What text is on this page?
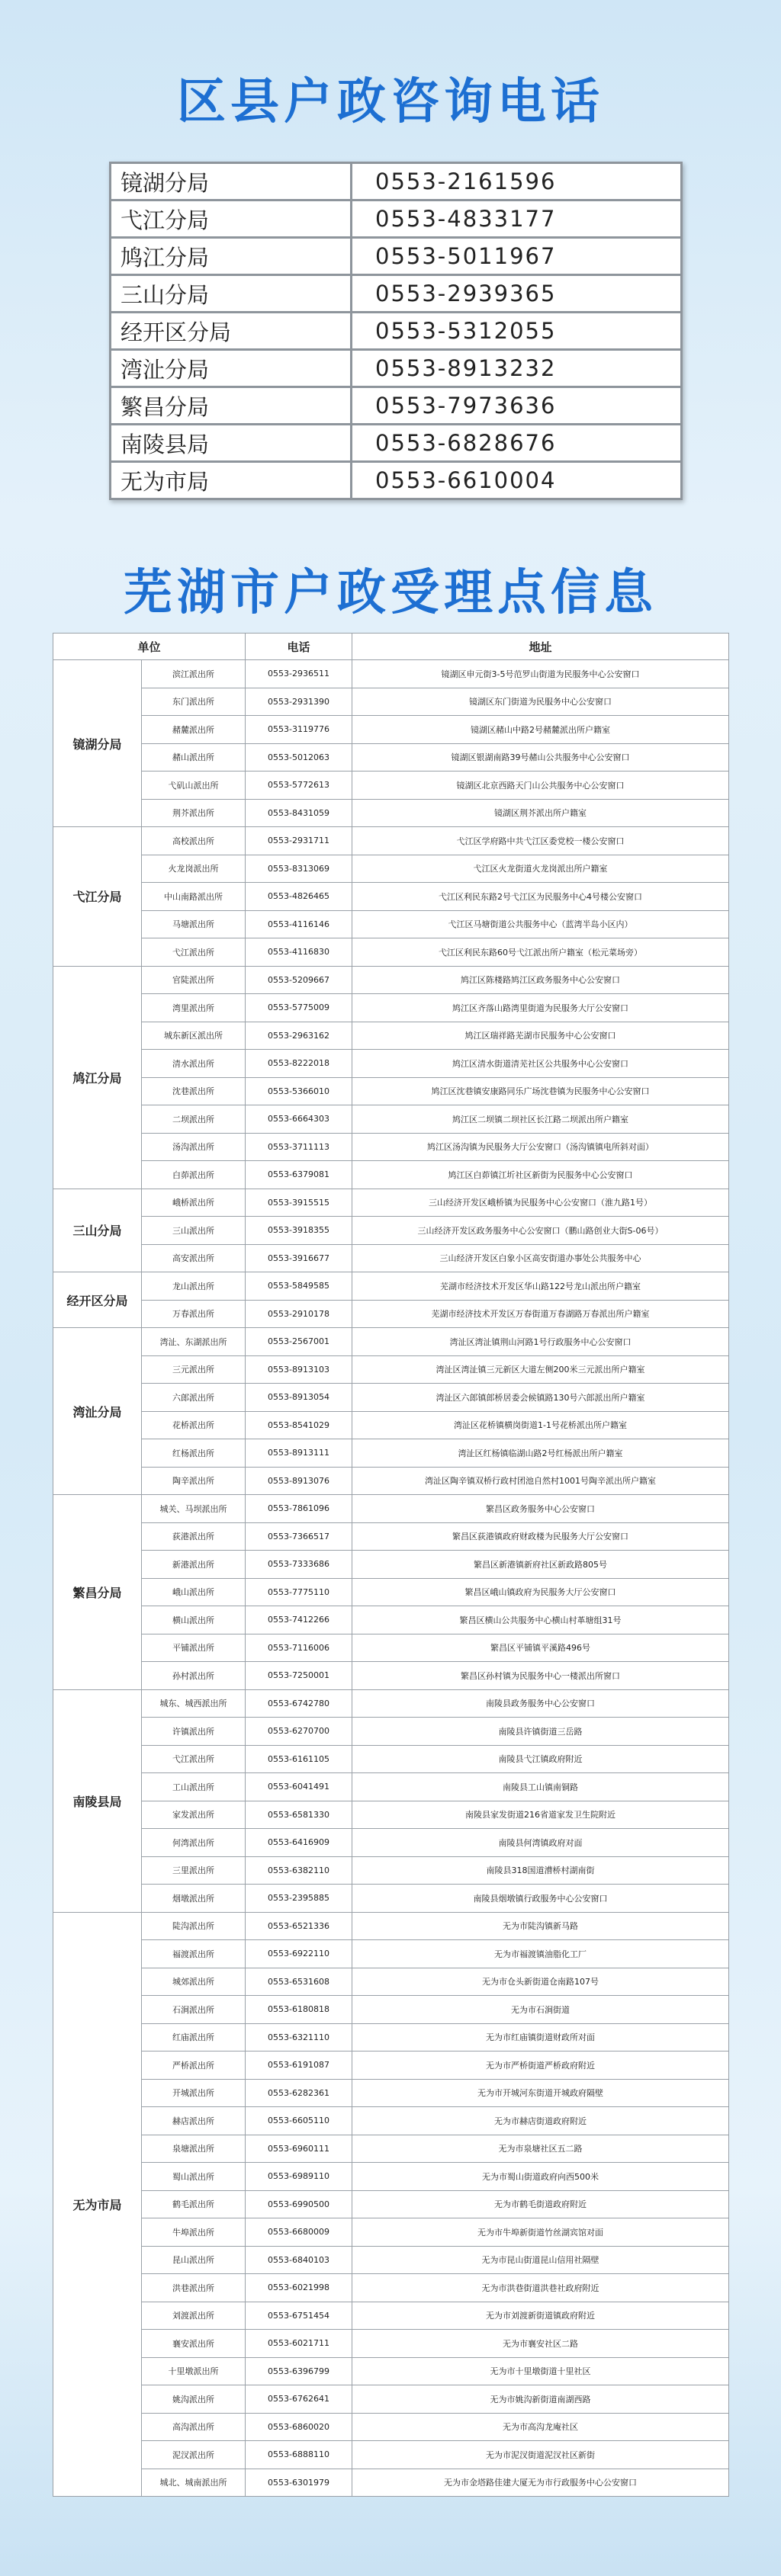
区县户政咨询电话
镜湖分局	0553-2161596
弋江分局	0553-4833177
鸠江分局	0553-5011967
三山分局	0553-2939365
经开区分局	0553-5312055
湾沚分局	0553-8913232
繁昌分局	0553-7973636
南陵县局	0553-6828676
无为市局	0553-6610004
芜湖市户政受理点信息
单位		电话	地址
镜湖分局	滨江派出所	0553-2936511	镜湖区申元街3-5号范罗山街道为民服务中心公安窗口
	东门派出所	0553-2931390	镜湖区东门街道为民服务中心公安窗口
	赭麓派出所	0553-3119776	镜湖区赭山中路2号赭麓派出所户籍室
	赭山派出所	0553-5012063	镜湖区银湖南路39号赭山公共服务中心公安窗口
	弋矶山派出所	0553-5772613	镜湖区北京西路天门山公共服务中心公安窗口
	荆芥派出所	0553-8431059	镜湖区荆芥派出所户籍室
弋江分局	高校派出所	0553-2931711	弋江区学府路中共弋江区委党校一楼公安窗口
	火龙岗派出所	0553-8313069	弋江区火龙街道火龙岗派出所户籍室
	中山南路派出所	0553-4826465	弋江区利民东路2号弋江区为民服务中心4号楼公安窗口
	马塘派出所	0553-4116146	弋江区马塘街道公共服务中心（蓝湾半岛小区内）
	弋江派出所	0553-4116830	弋江区利民东路60号弋江派出所户籍室（松元菜场旁）
鸠江分局	官陡派出所	0553-5209667	鸠江区陈楼路鸠江区政务服务中心公安窗口
	湾里派出所	0553-5775009	鸠江区齐落山路湾里街道为民服务大厅公安窗口
	城东新区派出所	0553-2963162	鸠江区瑞祥路芜湖市民服务中心公安窗口
	清水派出所	0553-8222018	鸠江区清水街道清芜社区公共服务中心公安窗口
	沈巷派出所	0553-5366010	鸠江区沈巷镇安康路同乐广场沈巷镇为民服务中心公安窗口
	二坝派出所	0553-6664303	鸠江区二坝镇二坝社区长江路二坝派出所户籍室
	汤沟派出所	0553-3711113	鸠江区汤沟镇为民服务大厅公安窗口（汤沟镇镇电所斜对面）
	白茆派出所	0553-6379081	鸠江区白茆镇江圻社区新街为民服务中心公安窗口
三山分局	峨桥派出所	0553-3915515	三山经济开发区峨桥镇为民服务中心公安窗口（淮九路1号）
	三山派出所	0553-3918355	三山经济开发区政务服务中心公安窗口（鹏山路创业大街S-06号）
	高安派出所	0553-3916677	三山经济开发区白象小区高安街道办事处公共服务中心
经开区分局	龙山派出所	0553-5849585	芜湖市经济技术开发区华山路122号龙山派出所户籍室
	万春派出所	0553-2910178	芜湖市经济技术开发区万春街道万春湖路万春派出所户籍室
湾沚分局	湾沚、东湖派出所	0553-2567001	湾沚区湾沚镇荆山河路1号行政服务中心公安窗口
	三元派出所	0553-8913103	湾沚区湾沚镇三元新区大道左侧200米三元派出所户籍室
	六郎派出所	0553-8913054	湾沚区六郎镇郎桥居委会候镇路130号六郎派出所户籍室
	花桥派出所	0553-8541029	湾沚区花桥镇横岗街道1-1号花桥派出所户籍室
	红杨派出所	0553-8913111	湾沚区红杨镇临湖山路2号红杨派出所户籍室
	陶辛派出所	0553-8913076	湾沚区陶辛镇双桥行政村团池自然村1001号陶辛派出所户籍室
繁昌分局	城关、马坝派出所	0553-7861096	繁昌区政务服务中心公安窗口
	荻港派出所	0553-7366517	繁昌区荻港镇政府财政楼为民服务大厅公安窗口
	新港派出所	0553-7333686	繁昌区新港镇新府社区新政路805号
	峨山派出所	0553-7775110	繁昌区峨山镇政府为民服务大厅公安窗口
	横山派出所	0553-7412266	繁昌区横山公共服务中心横山村革塘组31号
	平铺派出所	0553-7116006	繁昌区平铺镇平溪路496号
	孙村派出所	0553-7250001	繁昌区孙村镇为民服务中心一楼派出所窗口
南陵县局	城东、城西派出所	0553-6742780	南陵县政务服务中心公安窗口
	许镇派出所	0553-6270700	南陵县许镇街道三岳路
	弋江派出所	0553-6161105	南陵县弋江镇政府附近
	工山派出所	0553-6041491	南陵县工山镇南铜路
	家发派出所	0553-6581330	南陵县家发街道216省道家发卫生院附近
	何湾派出所	0553-6416909	南陵县何湾镇政府对面
	三里派出所	0553-6382110	南陵县318国道漕桥村湖南街
	烟墩派出所	0553-2395885	南陵县烟墩镇行政服务中心公安窗口
无为市局	陡沟派出所	0553-6521336	无为市陡沟镇新马路
	福渡派出所	0553-6922110	无为市福渡镇油脂化工厂
	城郊派出所	0553-6531608	无为市仓头新街道仓南路107号
	石涧派出所	0553-6180818	无为市石涧街道
	红庙派出所	0553-6321110	无为市红庙镇街道财政所对面
	严桥派出所	0553-6191087	无为市严桥街道严桥政府附近
	开城派出所	0553-6282361	无为市开城河东街道开城政府隔壁
	赫店派出所	0553-6605110	无为市赫店街道政府附近
	泉塘派出所	0553-6960111	无为市泉塘社区五二路
	蜀山派出所	0553-6989110	无为市蜀山街道政府向西500米
	鹤毛派出所	0553-6990500	无为市鹤毛街道政府附近
	牛埠派出所	0553-6680009	无为市牛埠新街道竹丝湖宾馆对面
	昆山派出所	0553-6840103	无为市昆山街道昆山信用社隔壁
	洪巷派出所	0553-6021998	无为市洪巷街道洪巷社政府附近
	刘渡派出所	0553-6751454	无为市刘渡新街道镇政府附近
	襄安派出所	0553-6021711	无为市襄安社区二路
	十里墩派出所	0553-6396799	无为市十里墩街道十里社区
	姚沟派出所	0553-6762641	无为市姚沟新街道南湖西路
	高沟派出所	0553-6860020	无为市高沟龙庵社区
	泥汊派出所	0553-6888110	无为市泥汊街道泥汊社区新街
	城北、城南派出所	0553-6301979	无为市金塔路佳建大厦无为市行政服务中心公安窗口
